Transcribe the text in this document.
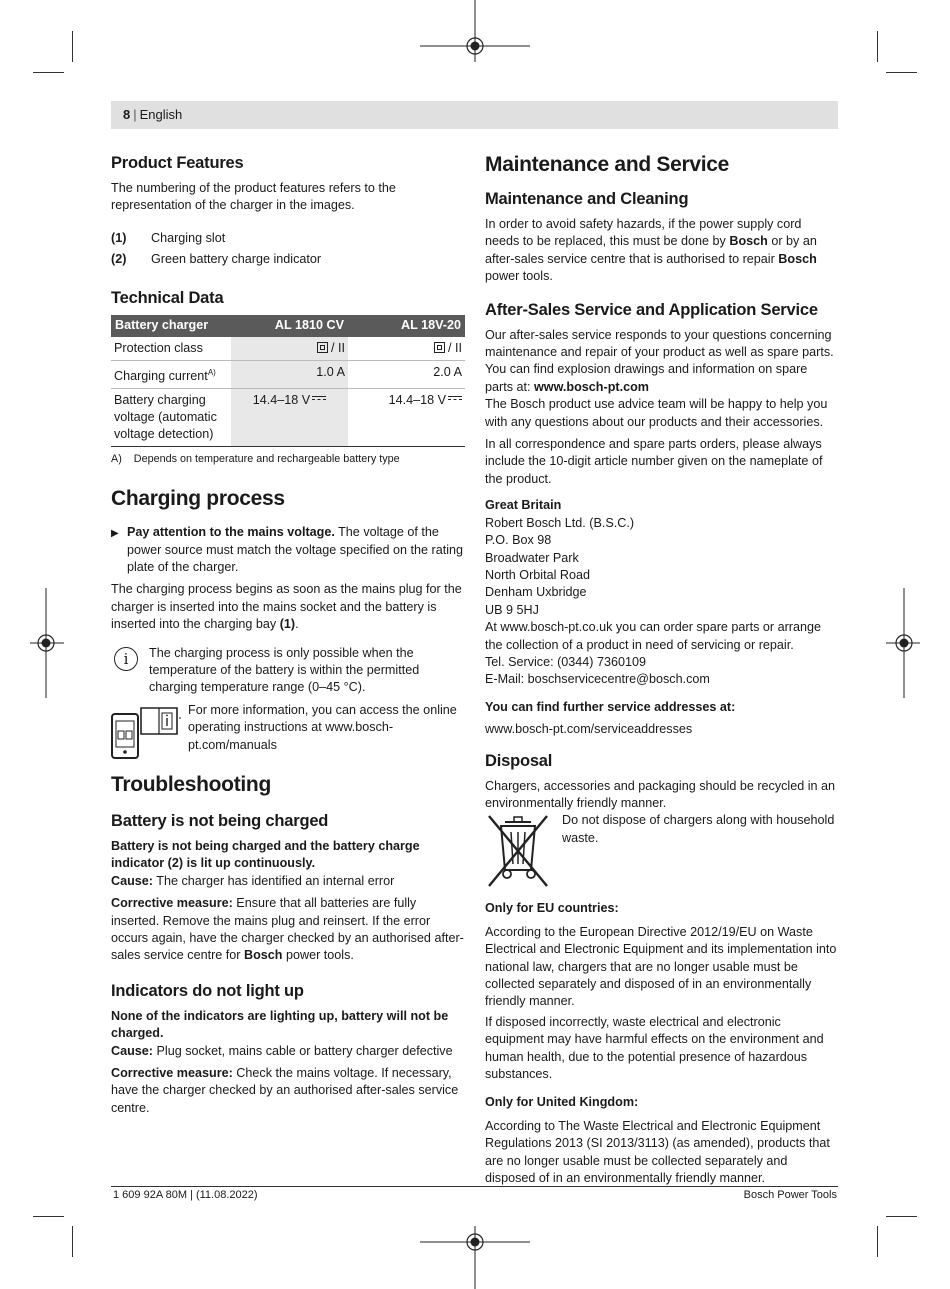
8 | English
Product Features

The numbering of the product features refers to the representation of the charger in the images.

(1)	Charging slot
(2)	Green battery charge indicator
Technical Data
Battery charger	AL 1810 CV	AL 18V-20
Protection class	/ II	/ II
Charging current$^{A)}$	1.0 A	2.0 A
Battery charging voltage (automatic voltage detection)	14.4–18 V	14.4–18 V
A) Depends on temperature and rechargeable battery type
Charging process
▶ Pay attention to the mains voltage. The voltage of the power source must match the voltage specified on the rating plate of the charger.

The charging process begins as soon as the mains plug for the charger is inserted into the mains socket and the battery is inserted into the charging bay (1).

i	The charging process is only possible when the temperature of the battery is within the permitted charging temperature range (0–45 °C).

For more information, you can access the online operating instructions at www.bosch-pt.com/manuals

Troubleshooting
Battery is not being charged

Battery is not being charged and the battery charge indicator (2) is lit up continuously.

Cause: The charger has identified an internal error

Corrective measure: Ensure that all batteries are fully inserted. Remove the mains plug and reinsert. If the error occurs again, have the charger checked by an authorised after-sales service centre for Bosch power tools.

Indicators do not light up

None of the indicators are lighting up, battery will not be charged.

Cause: Plug socket, mains cable or battery charger defective

Corrective measure: Check the mains voltage. If necessary, have the charger checked by an authorised after-sales service centre.

Maintenance and Service
Maintenance and Cleaning

In order to avoid safety hazards, if the power supply cord needs to be replaced, this must be done by Bosch or by an after-sales service centre that is authorised to repair Bosch power tools.

After-Sales Service and Application Service

Our after-sales service responds to your questions concerning maintenance and repair of your product as well as spare parts. You can find explosion drawings and information on spare parts at: www.bosch-pt.com

The Bosch product use advice team will be happy to help you with any questions about our products and their accessories.

In all correspondence and spare parts orders, please always include the 10-digit article number given on the nameplate of the product.

Great Britain

Robert Bosch Ltd. (B.S.C.)
P.O. Box 98
Broadwater Park
North Orbital Road
Denham Uxbridge
UB 9 5HJ

At www.bosch-pt.co.uk you can order spare parts or arrange the collection of a product in need of servicing or repair.

Tel. Service: (0344) 7360109
E-Mail: boschservicecentre@bosch.com

You can find further service addresses at:

www.bosch-pt.com/serviceaddresses

Disposal

Chargers, accessories and packaging should be recycled in an environmentally friendly manner.

Do not dispose of chargers along with household waste.

Only for EU countries:

According to the European Directive 2012/19/EU on Waste Electrical and Electronic Equipment and its implementation into national law, chargers that are no longer usable must be collected separately and disposed of in an environmentally friendly manner.

If disposed incorrectly, waste electrical and electronic equipment may have harmful effects on the environment and human health, due to the potential presence of hazardous substances.

Only for United Kingdom:

According to The Waste Electrical and Electronic Equipment Regulations 2013 (SI 2013/3113) (as amended), products that are no longer usable must be collected separately and disposed of in an environmentally friendly manner.

1 609 92A 80M | (11.08.2022)	Bosch Power Tools
